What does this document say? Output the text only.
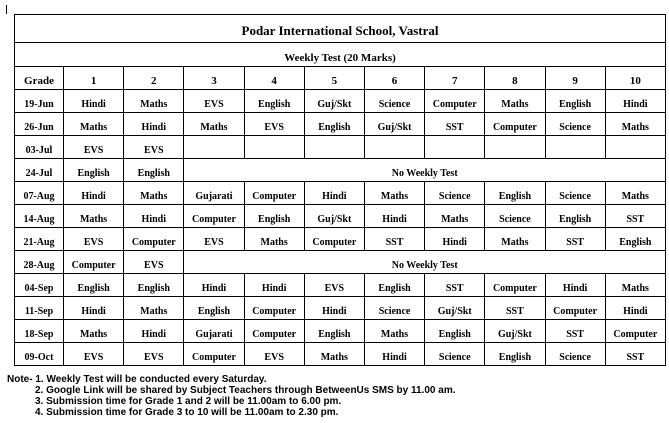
Podar International School, Vastral										
Weekly Test (20 Marks)										
Grade	1	2	3	4	5	6	7	8	9	10
19-Jun	Hindi	Maths	EVS	English	Guj/Skt	Science	Computer	Maths	English	Hindi
26-Jun	Maths	Hindi	Maths	EVS	English	Guj/Skt	SST	Computer	Science	Maths
03-Jul	EVS	EVS								
24-Jul	English	English	No Weekly Test							
07-Aug	Hindi	Maths	Gujarati	Computer	Hindi	Maths	Science	English	Science	Maths
14-Aug	Maths	Hindi	Computer	English	Guj/Skt	Hindi	Maths	Science	English	SST
21-Aug	EVS	Computer	EVS	Maths	Computer	SST	Hindi	Maths	SST	English
28-Aug	Computer	EVS	No Weekly Test							
04-Sep	English	English	Hindi	Hindi	EVS	English	SST	Computer	Hindi	Maths
11-Sep	Hindi	Maths	English	Computer	Hindi	Science	Guj/Skt	SST	Computer	Hindi
18-Sep	Maths	Hindi	Gujarati	Computer	English	Maths	English	Guj/Skt	SST	Computer
09-Oct	EVS	EVS	Computer	EVS	Maths	Hindi	Science	English	Science	SST
Note- 1. Weekly Test will be conducted every Saturday.
2. Google Link will be shared by Subject Teachers through BetweenUs SMS by 11.00 am.
3. Submission time for Grade 1 and 2 will be 11.00am to 6.00 pm.
4. Submission time for Grade 3 to 10 will be 11.00am to 2.30 pm.
